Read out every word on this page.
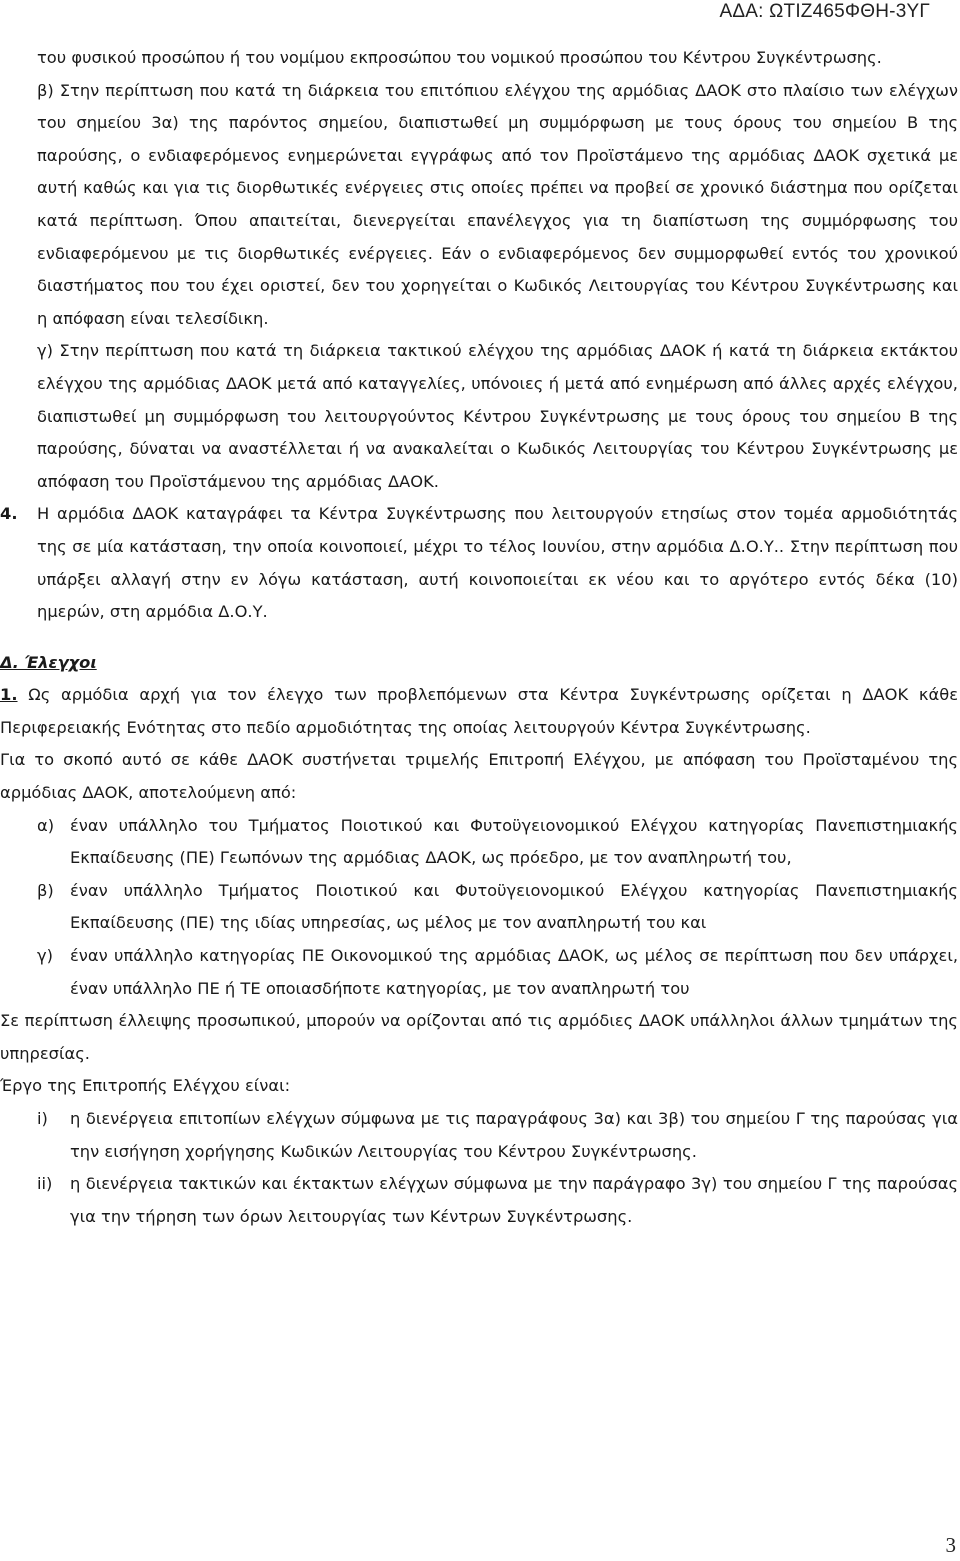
ΑΔΑ: ΩΤΙΖ465ΦΘΗ-3ΥΓ

του φυσικού προσώπου ή του νομίμου εκπροσώπου του νομικού προσώπου του Κέντρου Συγκέντρωσης.

β) Στην περίπτωση που κατά τη διάρκεια του επιτόπιου ελέγχου της αρμόδιας ΔΑΟΚ στο πλαίσιο των ελέγχων του σημείου 3α) της παρόντος σημείου, διαπιστωθεί μη συμμόρφωση με τους όρους του σημείου Β της παρούσης, ο ενδιαφερόμενος ενημερώνεται εγγράφως από τον Προϊστάμενο της αρμόδιας ΔΑΟΚ σχετικά με αυτή καθώς και για τις διορθωτικές ενέργειες στις οποίες πρέπει να προβεί σε χρονικό διάστημα που ορίζεται κατά περίπτωση. Όπου απαιτείται, διενεργείται επανέλεγχος για τη διαπίστωση της συμμόρφωσης του ενδιαφερόμενου με τις διορθωτικές ενέργειες. Εάν ο ενδιαφερόμενος δεν συμμορφωθεί εντός του χρονικού διαστήματος που του έχει οριστεί, δεν του χορηγείται ο Κωδικός Λειτουργίας του Κέντρου Συγκέντρωσης και η απόφαση είναι τελεσίδικη.

γ) Στην περίπτωση που κατά τη διάρκεια τακτικού ελέγχου της αρμόδιας ΔΑΟΚ ή κατά τη διάρκεια εκτάκτου ελέγχου της αρμόδιας ΔΑΟΚ μετά από καταγγελίες, υπόνοιες ή μετά από ενημέρωση από άλλες αρχές ελέγχου, διαπιστωθεί μη συμμόρφωση του λειτουργούντος Κέντρου Συγκέντρωσης με τους όρους του σημείου Β της παρούσης, δύναται να αναστέλλεται ή να ανακαλείται ο Κωδικός Λειτουργίας του Κέντρου Συγκέντρωσης με απόφαση του Προϊστάμενου της αρμόδιας ΔΑΟΚ.

4. Η αρμόδια ΔΑΟΚ καταγράφει τα Κέντρα Συγκέντρωσης που λειτουργούν ετησίως στον τομέα αρμοδιότητάς της σε μία κατάσταση, την οποία κοινοποιεί, μέχρι το τέλος Ιουνίου, στην αρμόδια Δ.Ο.Υ.. Στην περίπτωση που υπάρξει αλλαγή στην εν λόγω κατάσταση, αυτή κοινοποιείται εκ νέου και το αργότερο εντός δέκα (10) ημερών, στη αρμόδια Δ.Ο.Υ.
Δ. Έλεγχοι
1. Ως αρμόδια αρχή για τον έλεγχο των προβλεπόμενων στα Κέντρα Συγκέντρωσης ορίζεται η ΔΑΟΚ κάθε Περιφερειακής Ενότητας στο πεδίο αρμοδιότητας της οποίας λειτουργούν Κέντρα Συγκέντρωσης.

Για το σκοπό αυτό σε κάθε ΔΑΟΚ συστήνεται τριμελής Επιτροπή Ελέγχου, με απόφαση του Προϊσταμένου της αρμόδιας ΔΑΟΚ, αποτελούμενη από:

α) έναν υπάλληλο του Τμήματος Ποιοτικού και Φυτοϋγειονομικού Ελέγχου κατηγορίας Πανεπιστημιακής Εκπαίδευσης (ΠΕ) Γεωπόνων της αρμόδιας ΔΑΟΚ, ως πρόεδρο, με τον αναπληρωτή του,
β) έναν υπάλληλο Τμήματος Ποιοτικού και Φυτοϋγειονομικού Ελέγχου κατηγορίας Πανεπιστημιακής Εκπαίδευσης (ΠΕ) της ιδίας υπηρεσίας, ως μέλος με τον αναπληρωτή του και
γ) έναν υπάλληλο κατηγορίας ΠΕ Οικονομικού της αρμόδιας ΔΑΟΚ, ως μέλος σε περίπτωση που δεν υπάρχει, έναν υπάλληλο ΠΕ ή ΤΕ οποιασδήποτε κατηγορίας, με τον αναπληρωτή του

Σε περίπτωση έλλειψης προσωπικού, μπορούν να ορίζονται από τις αρμόδιες ΔΑΟΚ υπάλληλοι άλλων τμημάτων της υπηρεσίας.

Έργο της Επιτροπής Ελέγχου είναι:

i) η διενέργεια επιτοπίων ελέγχων σύμφωνα με τις παραγράφους 3α) και 3β) του σημείου Γ της παρούσας για την εισήγηση χορήγησης Κωδικών Λειτουργίας του Κέντρου Συγκέντρωσης.
ii) η διενέργεια τακτικών και έκτακτων ελέγχων σύμφωνα με την παράγραφο 3γ) του σημείου Γ της παρούσας για την τήρηση των όρων λειτουργίας των Κέντρων Συγκέντρωσης.
3
